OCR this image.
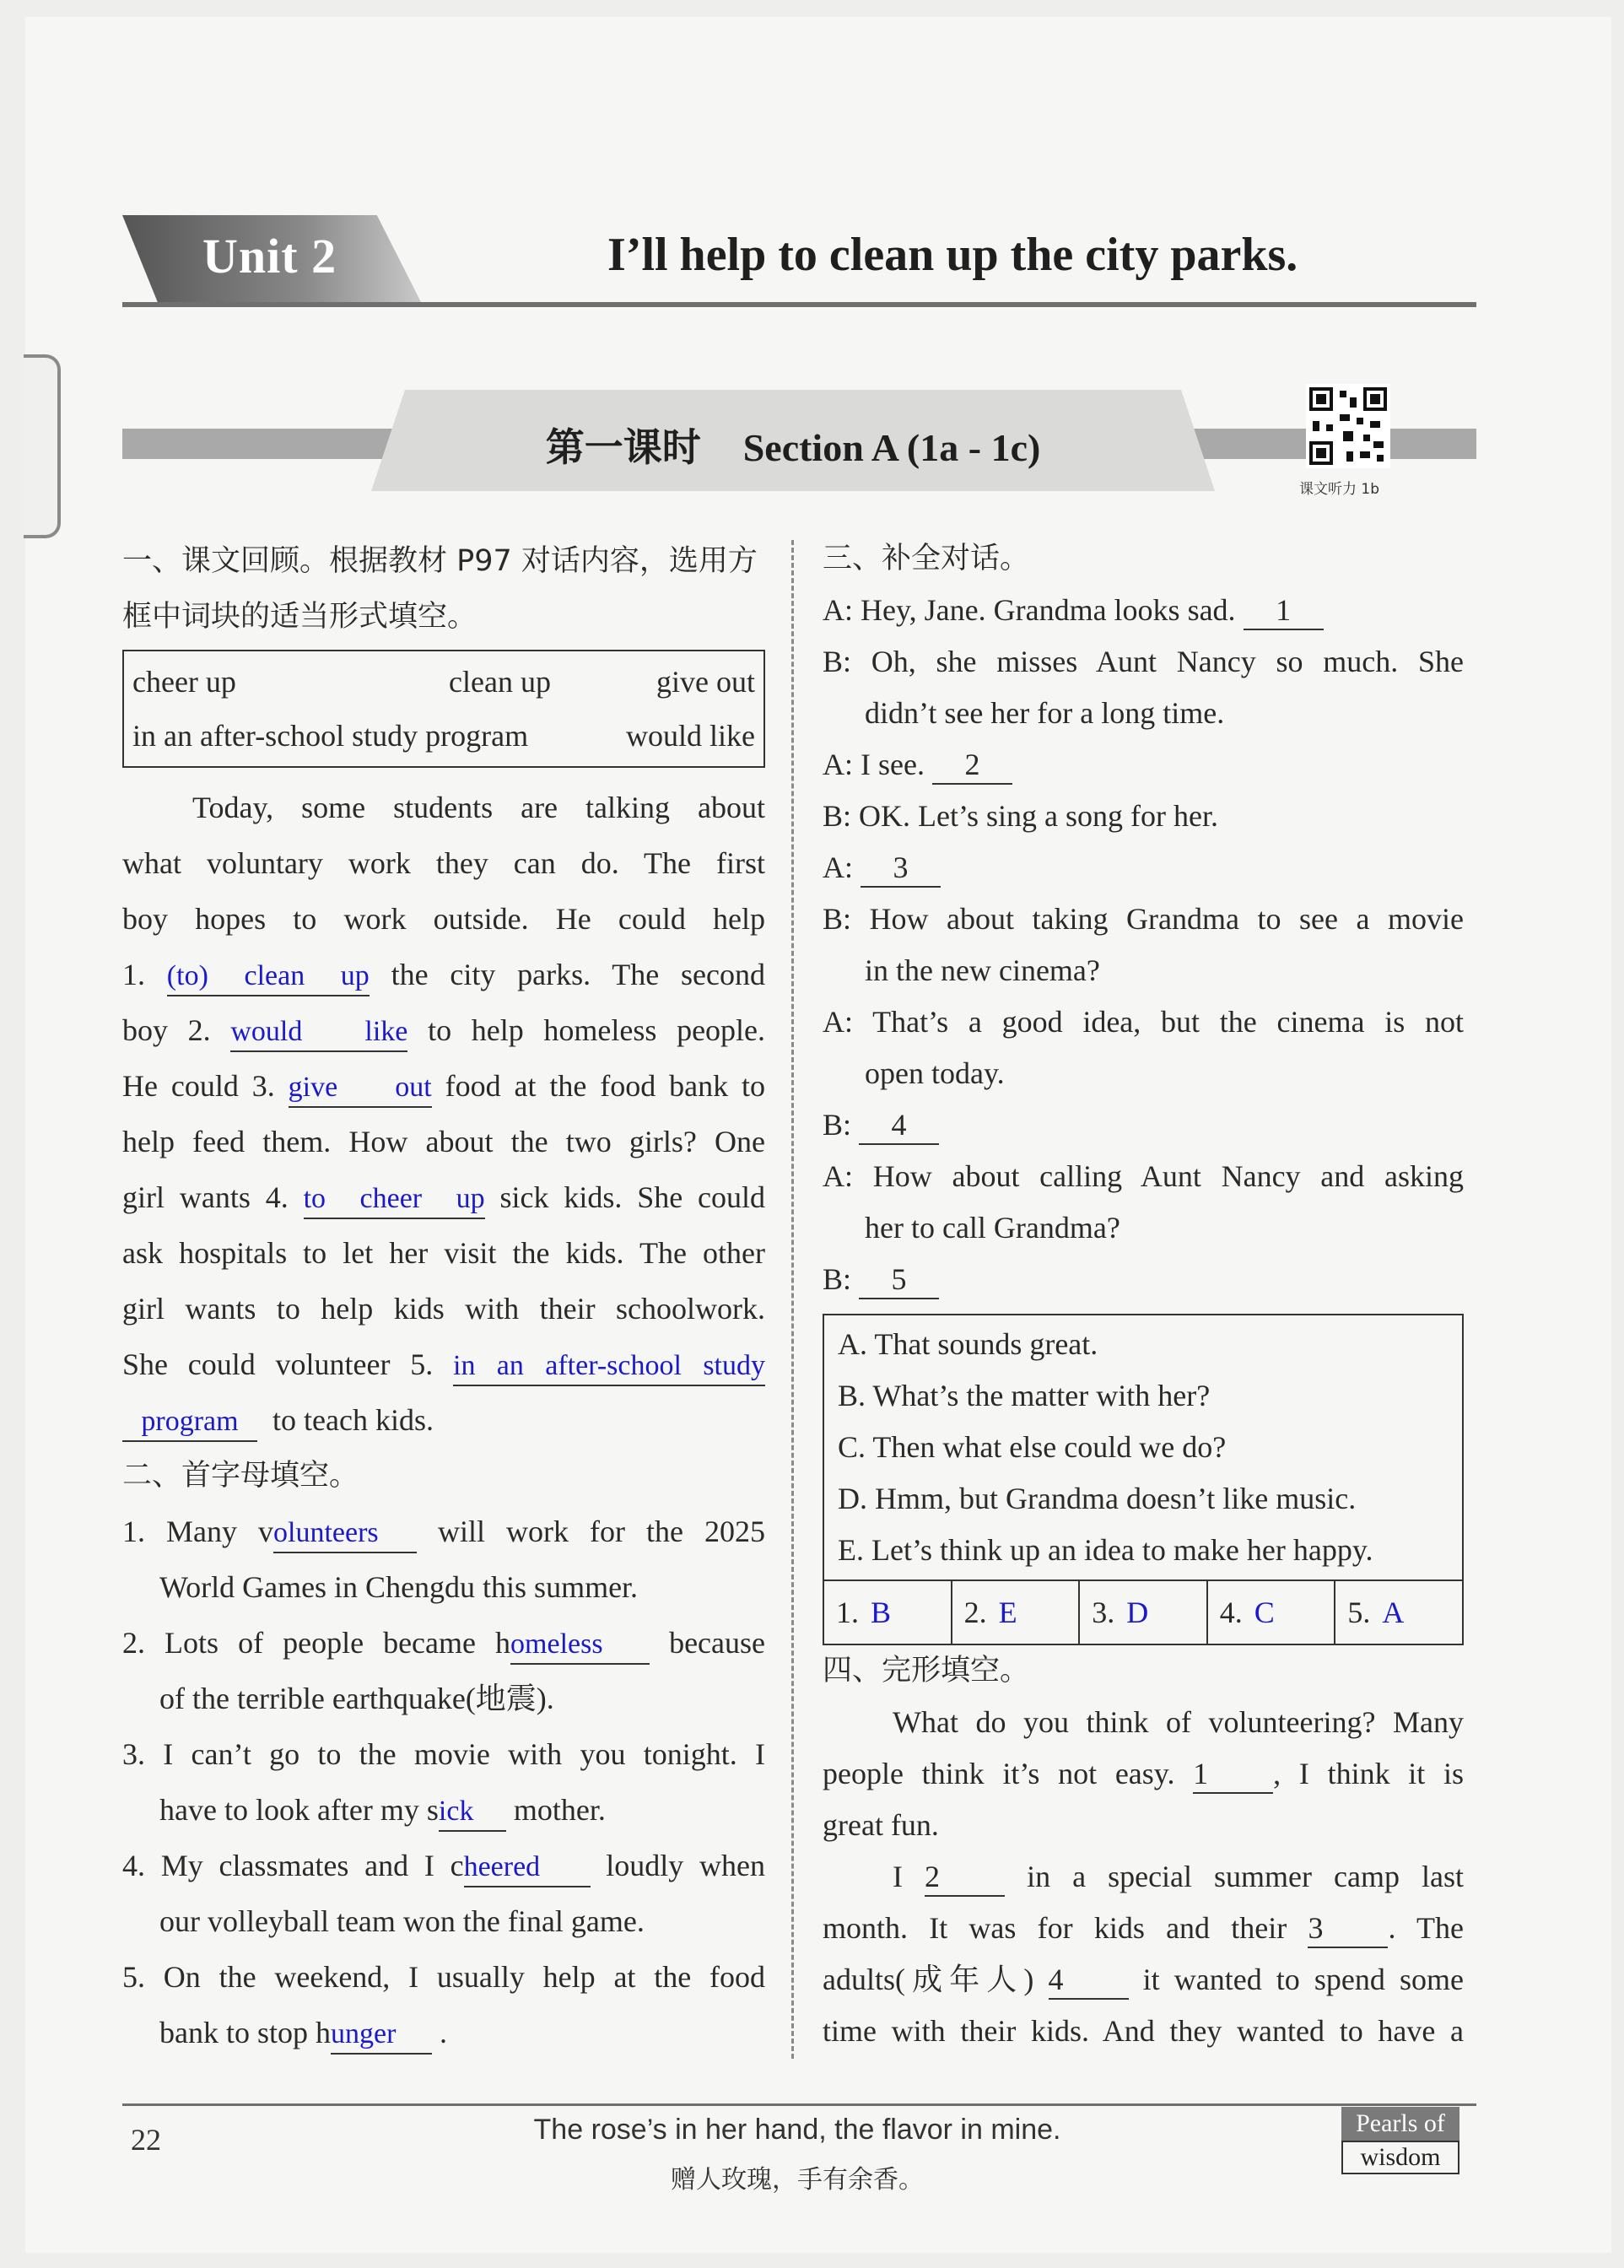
Unit 2	I’ll help to clean up the city parks.
第一课时 Section A (1a - 1c)
课文听力 1b
一、课文回顾。根据教材 P97 对话内容，选用方框中词块的适当形式填空。
cheer up	clean up	give out
in an after-school study program	would like
Today, some students are talking about
what voluntary work they can do. The first
boy hopes to work outside. He could help
1. (to) clean up the city parks. The second
boy 2. would like to help homeless people.
He could 3. give out food at the food bank to
help feed them. How about the two girls? One
girl wants 4. to cheer up sick kids. She could
ask hospitals to let her visit the kids. The other
girl wants to help kids with their schoolwork.
She could volunteer 5. in an after-school study
program to teach kids.
二、首字母填空。
1. Many volunteers will work for the 2025
World Games in Chengdu this summer.
2. Lots of people became homeless because
of the terrible earthquake(地震).
3. I can’t go to the movie with you tonight. I
have to look after my sick mother.
4. My classmates and I cheered loudly when
our volleyball team won the final game.
5. On the weekend, I usually help at the food
bank to stop hunger .
三、补全对话。
A: Hey, Jane. Grandma looks sad. 1
B: Oh, she misses Aunt Nancy so much. She
didn’t see her for a long time.
A: I see. 2
B: OK. Let’s sing a song for her.
A: 3
B: How about taking Grandma to see a movie
in the new cinema?
A: That’s a good idea, but the cinema is not
open today.
B: 4
A: How about calling Aunt Nancy and asking
her to call Grandma?
B: 5
A. That sounds great.
B. What’s the matter with her?
C. Then what else could we do?
D. Hmm, but Grandma doesn’t like music.
E. Let’s think up an idea to make her happy.
1. B	2. E	3. D	4. C	5. A
四、完形填空。
What do you think of volunteering? Many
people think it’s not easy. 1 , I think it is
great fun.
I 2	in a special summer camp last
month. It was for kids and their 3 . The
adults(成年人) 4	it wanted to spend some
time with their kids. And they wanted to have a
22	The rose’s in her hand, the flavor in mine.
赠人玫瑰，手有余香。
Pearls of
wisdom
